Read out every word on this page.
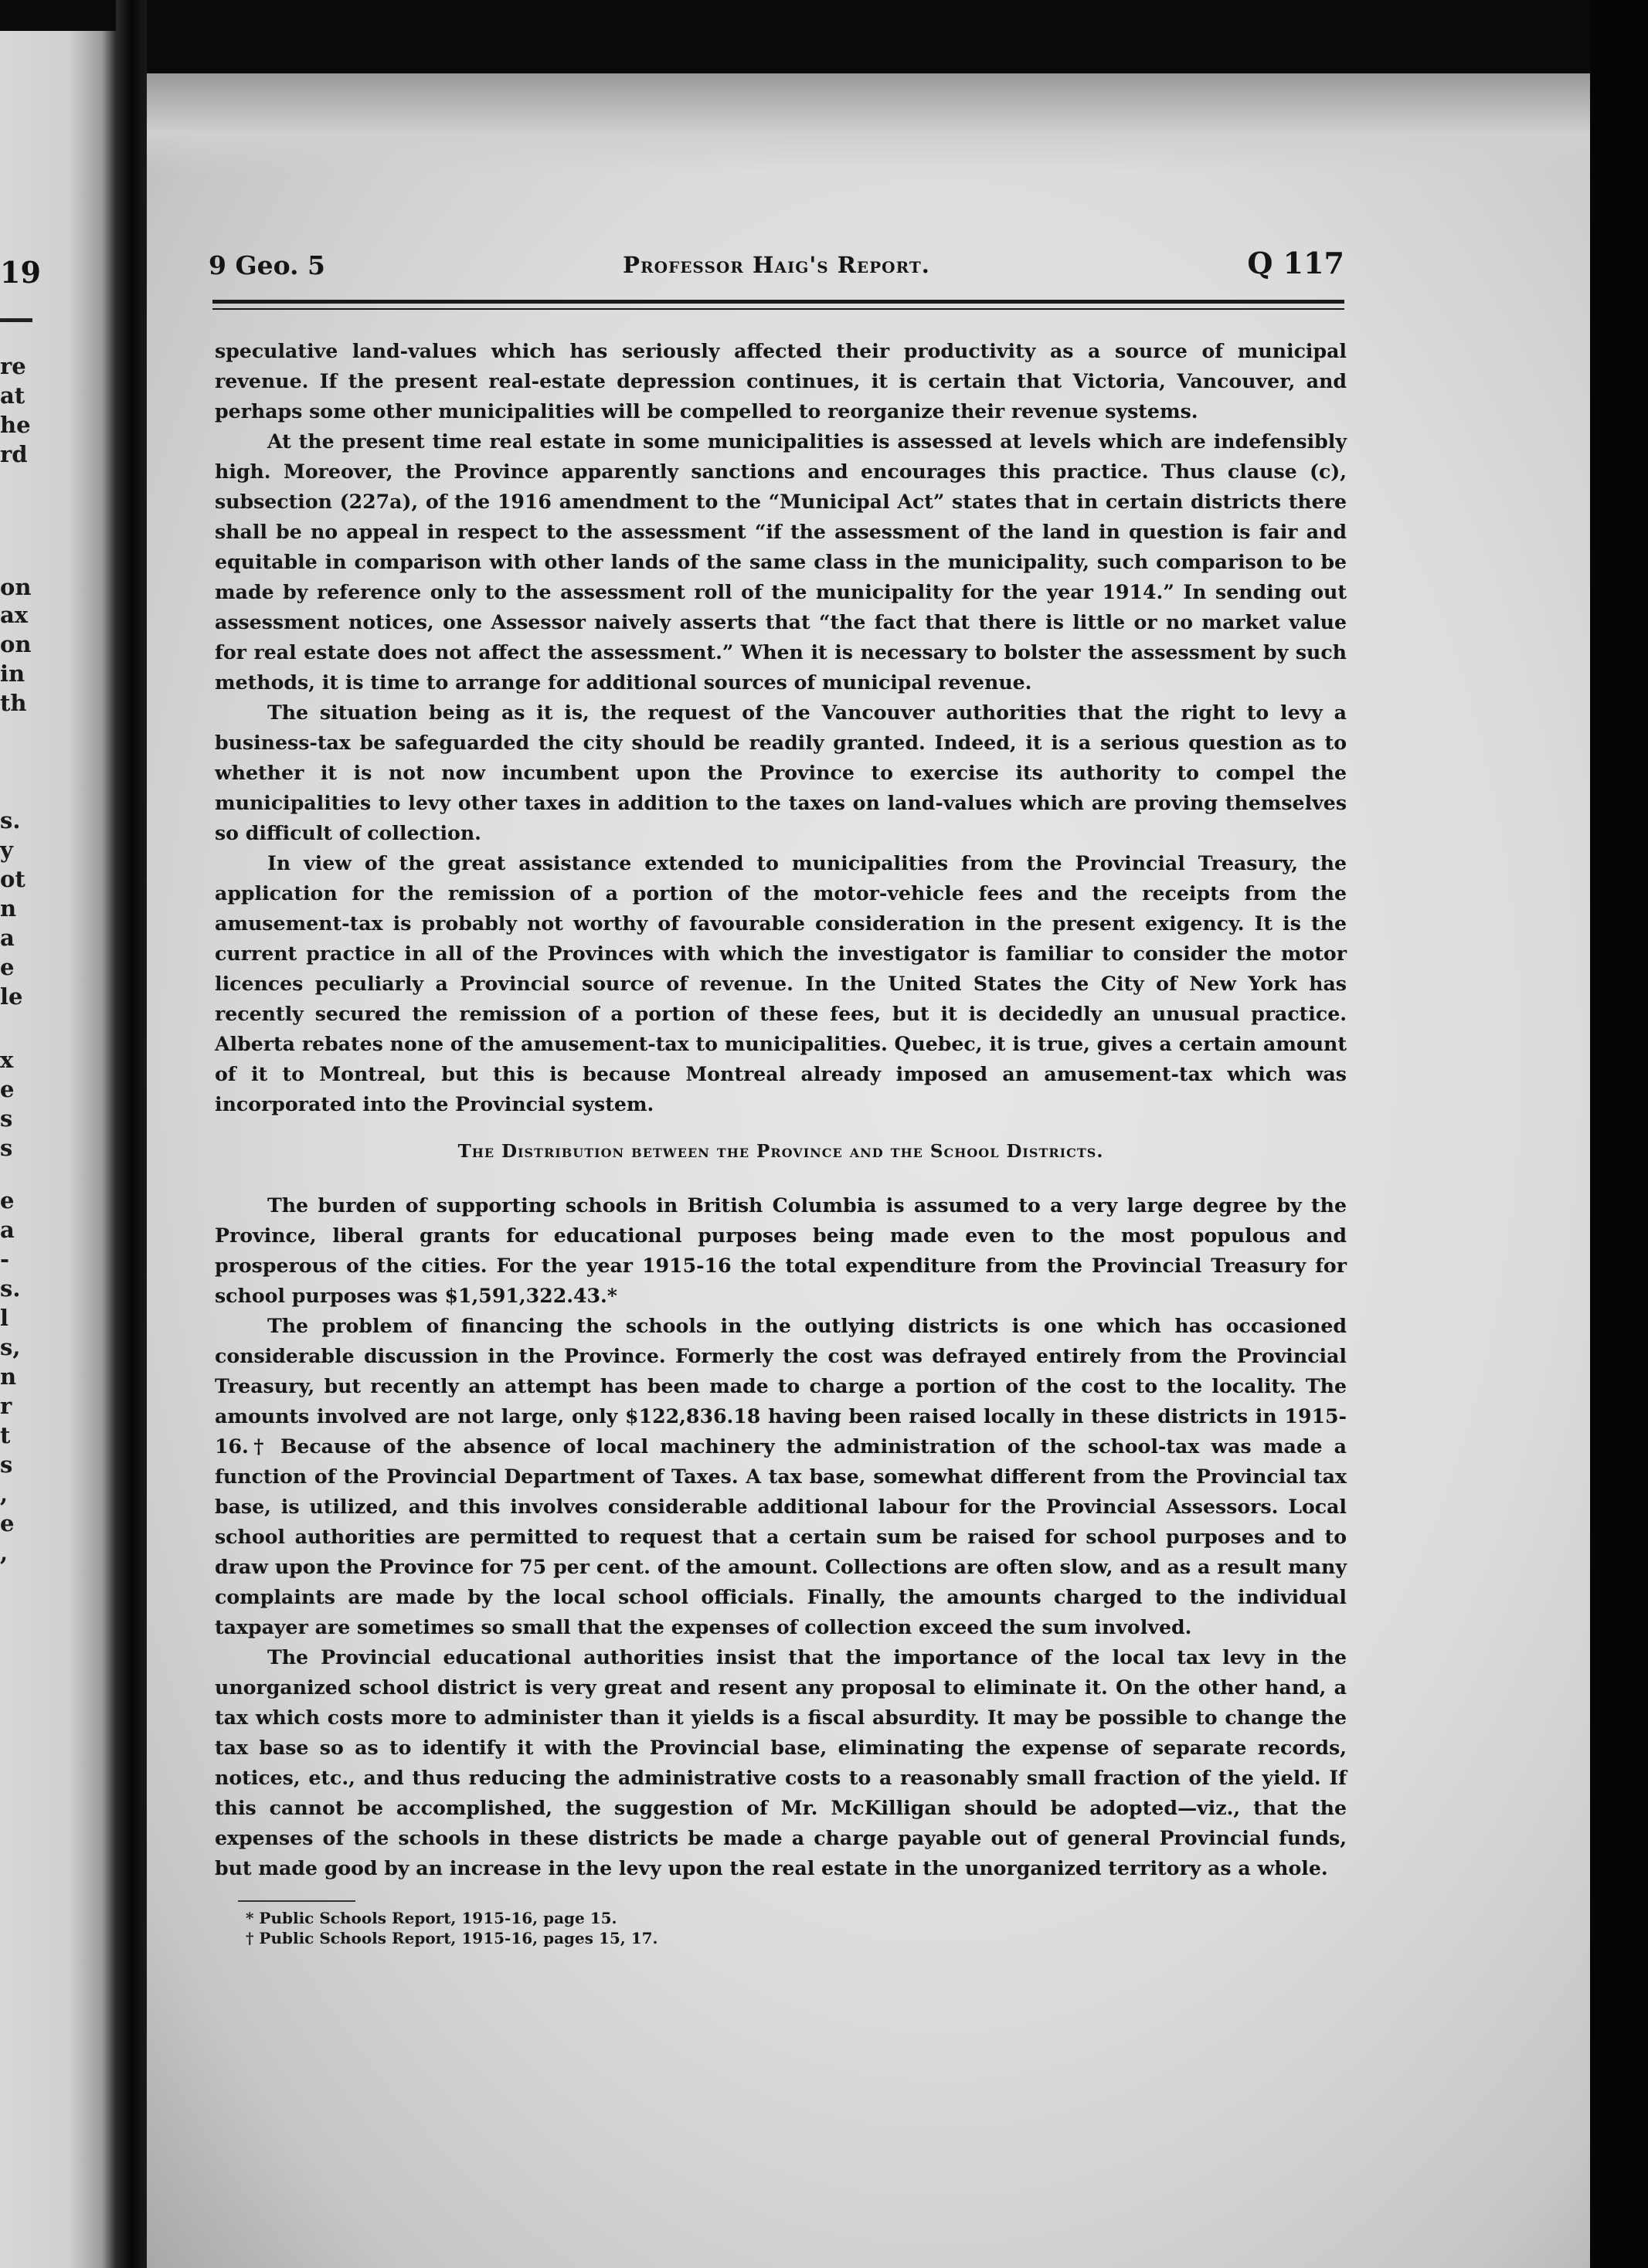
19
re
at
he
rd
on
ax
on
in
th
s.
y
ot
n
a
e
le
x
e
s
s
e
a
-
s.
l
s,
n
r
t
s
,
e
,
9 Geo. 5	Professor Haig's Report.	Q 117

speculative land-values which has seriously affected their productivity as a source of municipal revenue. If the present real-estate depression continues, it is certain that Victoria, Vancouver, and perhaps some other municipalities will be compelled to reorganize their revenue systems.

At the present time real estate in some municipalities is assessed at levels which are indefensibly high. Moreover, the Province apparently sanctions and encourages this practice. Thus clause (c), subsection (227a), of the 1916 amendment to the “Municipal Act” states that in certain districts there shall be no appeal in respect to the assessment “if the assessment of the land in question is fair and equitable in comparison with other lands of the same class in the municipality, such comparison to be made by reference only to the assessment roll of the municipality for the year 1914.” In sending out assessment notices, one Assessor naively asserts that “the fact that there is little or no market value for real estate does not affect the assessment.” When it is necessary to bolster the assessment by such methods, it is time to arrange for additional sources of municipal revenue.

The situation being as it is, the request of the Vancouver authorities that the right to levy a business-tax be safeguarded the city should be readily granted. Indeed, it is a serious question as to whether it is not now incumbent upon the Province to exercise its authority to compel the municipalities to levy other taxes in addition to the taxes on land-values which are proving themselves so difficult of collection.

In view of the great assistance extended to municipalities from the Provincial Treasury, the application for the remission of a portion of the motor-vehicle fees and the receipts from the amusement-tax is probably not worthy of favourable consideration in the present exigency. It is the current practice in all of the Provinces with which the investigator is familiar to consider the motor licences peculiarly a Provincial source of revenue. In the United States the City of New York has recently secured the remission of a portion of these fees, but it is decidedly an unusual practice. Alberta rebates none of the amusement-tax to municipalities. Quebec, it is true, gives a certain amount of it to Montreal, but this is because Montreal already imposed an amusement-tax which was incorporated into the Provincial system.

The Distribution between the Province and the School Districts.

The burden of supporting schools in British Columbia is assumed to a very large degree by the Province, liberal grants for educational purposes being made even to the most populous and prosperous of the cities. For the year 1915-16 the total expenditure from the Provincial Treasury for school purposes was $1,591,322.43.*

The problem of financing the schools in the outlying districts is one which has occasioned considerable discussion in the Province. Formerly the cost was defrayed entirely from the Provincial Treasury, but recently an attempt has been made to charge a portion of the cost to the locality. The amounts involved are not large, only $122,836.18 having been raised locally in these districts in 1915-16.† Because of the absence of local machinery the administration of the school-tax was made a function of the Provincial Department of Taxes. A tax base, somewhat different from the Provincial tax base, is utilized, and this involves considerable additional labour for the Provincial Assessors. Local school authorities are permitted to request that a certain sum be raised for school purposes and to draw upon the Province for 75 per cent. of the amount. Collections are often slow, and as a result many complaints are made by the local school officials. Finally, the amounts charged to the individual taxpayer are sometimes so small that the expenses of collection exceed the sum involved.

The Provincial educational authorities insist that the importance of the local tax levy in the unorganized school district is very great and resent any proposal to eliminate it. On the other hand, a tax which costs more to administer than it yields is a fiscal absurdity. It may be possible to change the tax base so as to identify it with the Provincial base, eliminating the expense of separate records, notices, etc., and thus reducing the administrative costs to a reasonably small fraction of the yield. If this cannot be accomplished, the suggestion of Mr. McKilligan should be adopted—viz., that the expenses of the schools in these districts be made a charge payable out of general Provincial funds, but made good by an increase in the levy upon the real estate in the unorganized territory as a whole.

* Public Schools Report, 1915-16, page 15.
† Public Schools Report, 1915-16, pages 15, 17.
